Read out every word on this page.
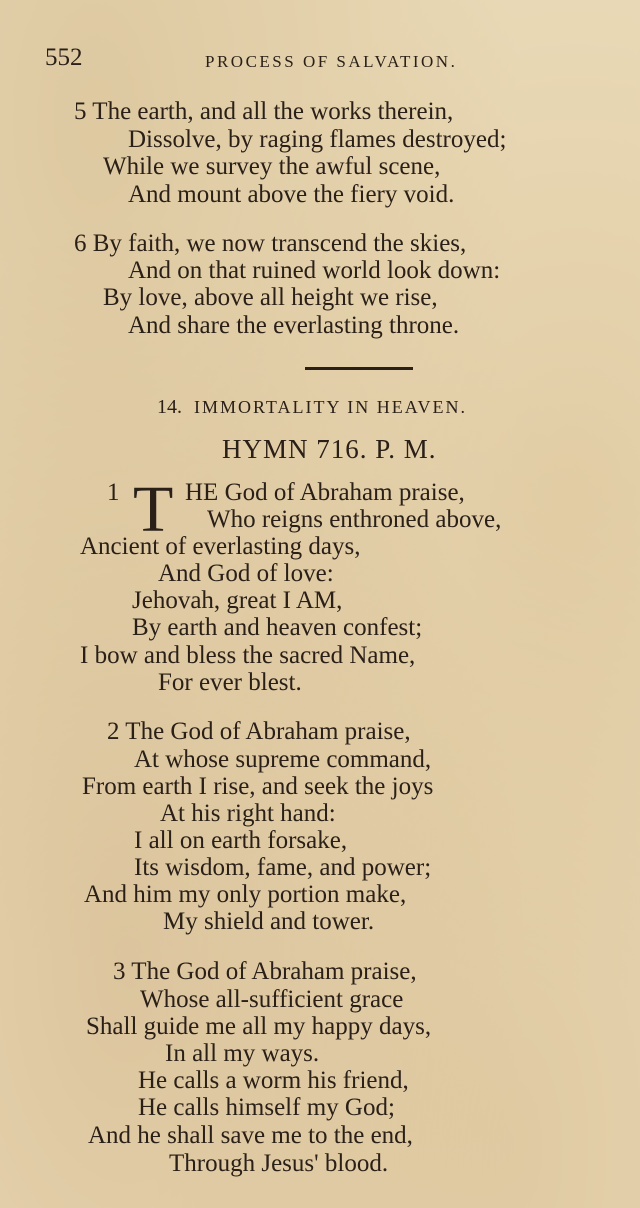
552	PROCESS OF SALVATION.
5 The earth, and all the works therein,
Dissolve, by raging flames destroyed;
While we survey the awful scene,
And mount above the fiery void.
6 By faith, we now transcend the skies,
And on that ruined world look down:
By love, above all height we rise,
And share the everlasting throne.
14. IMMORTALITY IN HEAVEN.
HYMN 716. P. M.
1 T HE God of Abraham praise,
Who reigns enthroned above,
Ancient of everlasting days,
And God of love:
Jehovah, great I AM,
By earth and heaven confest;
I bow and bless the sacred Name,
For ever blest.
2 The God of Abraham praise,
At whose supreme command,
From earth I rise, and seek the joys
At his right hand:
I all on earth forsake,
Its wisdom, fame, and power;
And him my only portion make,
My shield and tower.
3 The God of Abraham praise,
Whose all-sufficient grace
Shall guide me all my happy days,
In all my ways.
He calls a worm his friend,
He calls himself my God;
And he shall save me to the end,
Through Jesus' blood.
